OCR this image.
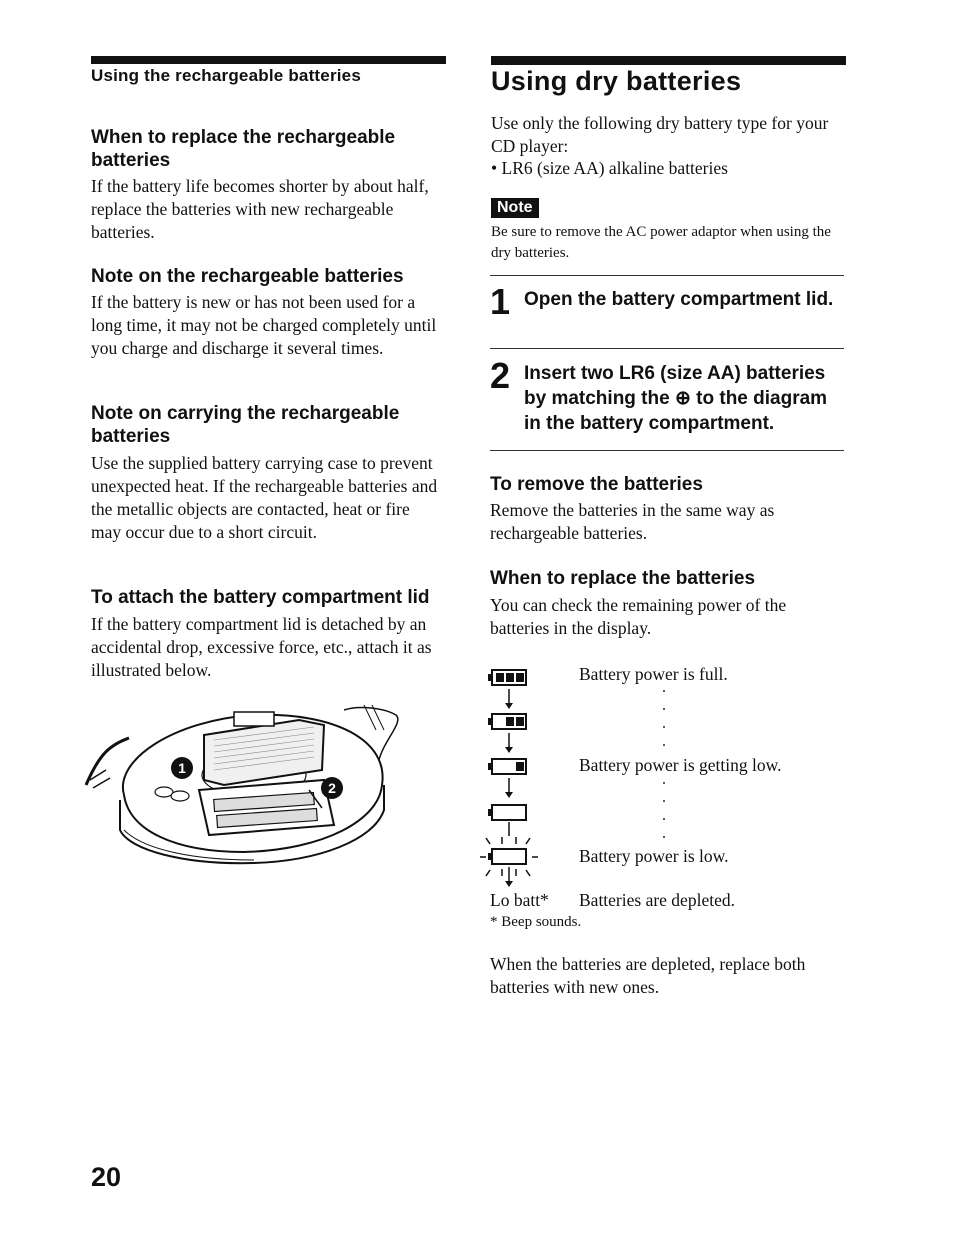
Using the rechargeable batteries
When to replace the rechargeable batteries

If the battery life becomes shorter by about half, replace the batteries with new rechargeable batteries.

Note on the rechargeable batteries

If the battery is new or has not been used for a long time, it may not be charged completely until you charge and discharge it several times.

Note on carrying the rechargeable batteries

Use the supplied battery carrying case to prevent unexpected heat. If the rechargeable batteries and the metallic objects are contacted, heat or fire may occur due to a short circuit.

To attach the battery compartment lid

If the battery compartment lid is detached by an accidental drop, excessive force, etc., attach it as illustrated below.

1
2
Using dry batteries

Use only the following dry battery type for your CD player:

• LR6 (size AA) alkaline batteries

Note

Be sure to remove the AC power adaptor when using the dry batteries.

1 Open the battery compartment lid.

2 Insert two LR6 (size AA) batteries by matching the ⊕ to the diagram in the battery compartment.

To remove the batteries

Remove the batteries in the same way as rechargeable batteries.

When to replace the batteries

You can check the remaining power of the batteries in the display.

Battery power is full.
Battery power is getting low.
Battery power is low.
Lo batt* Batteries are depleted.
* Beep sounds.

When the batteries are depleted, replace both batteries with new ones.

20
